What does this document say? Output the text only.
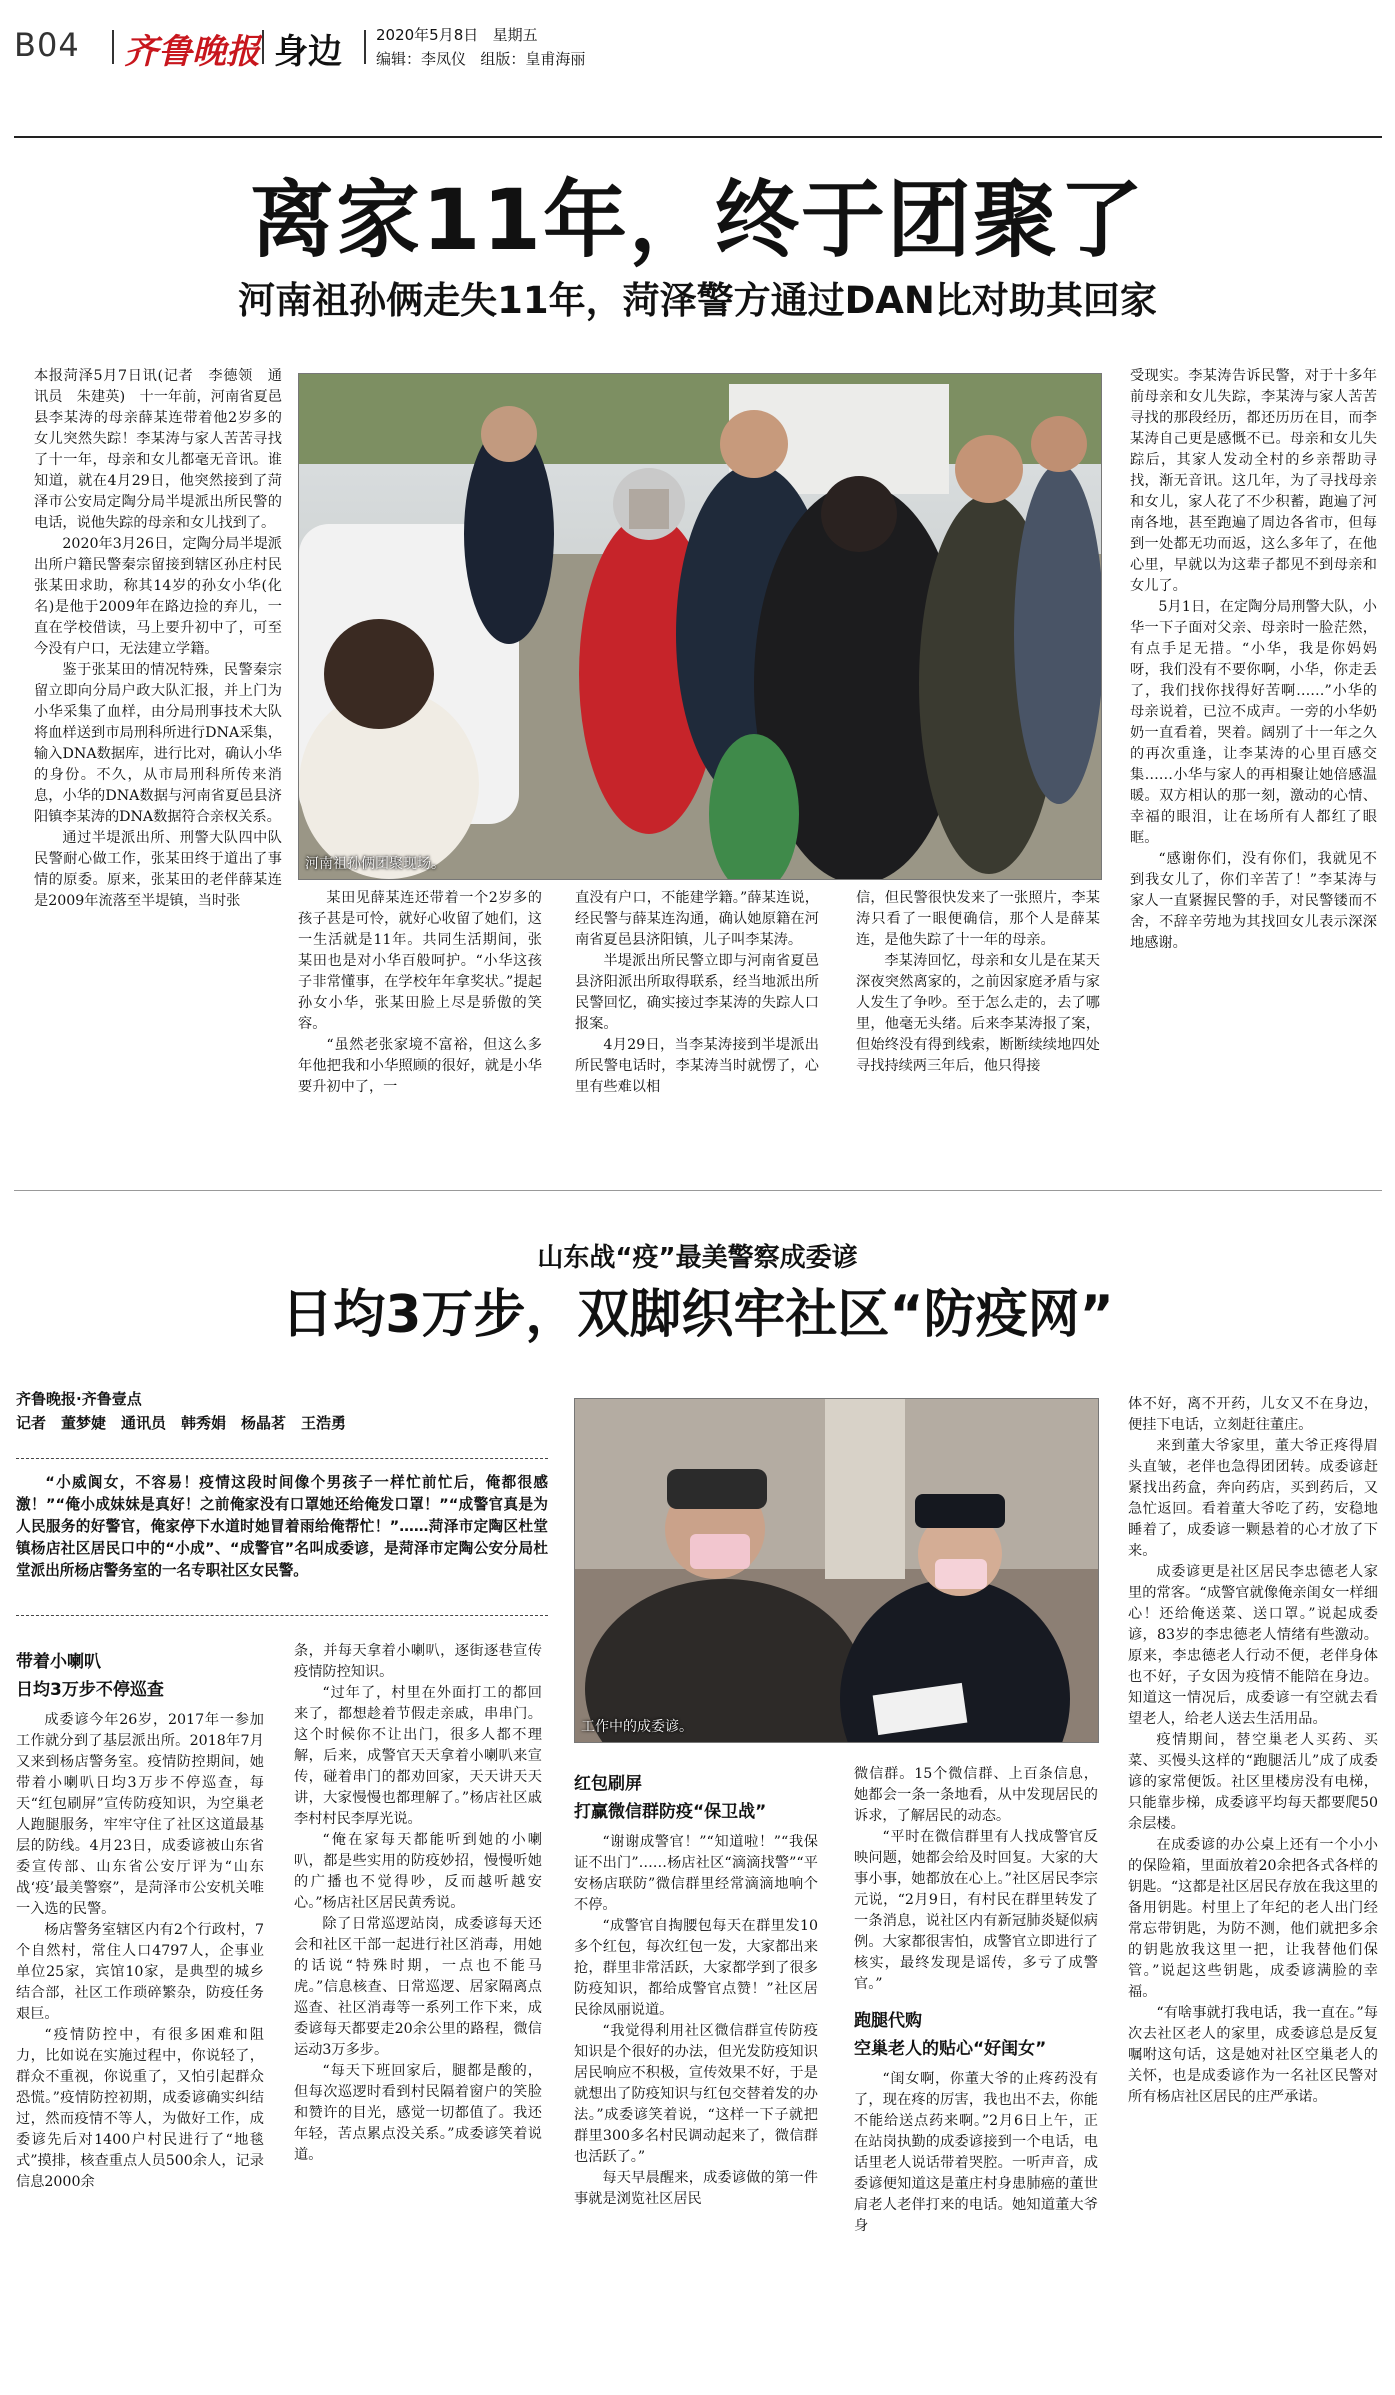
B04 齐鲁晚报 身边 2020年5月8日 星期五
编辑：李凤仪 组版：皇甫海丽
离家11年，终于团聚了
河南祖孙俩走失11年，菏泽警方通过DAN比对助其回家

本报菏泽5月7日讯(记者　李德领　通讯员　朱建英)　十一年前，河南省夏邑县李某涛的母亲薛某连带着他2岁多的女儿突然失踪！李某涛与家人苦苦寻找了十一年，母亲和女儿都毫无音讯。谁知道，就在4月29日，他突然接到了菏泽市公安局定陶分局半堤派出所民警的电话，说他失踪的母亲和女儿找到了。

2020年3月26日，定陶分局半堤派出所户籍民警秦宗留接到辖区孙庄村民张某田求助，称其14岁的孙女小华(化名)是他于2009年在路边捡的弃儿，一直在学校借读，马上要升初中了，可至今没有户口，无法建立学籍。

鉴于张某田的情况特殊，民警秦宗留立即向分局户政大队汇报，并上门为小华采集了血样，由分局刑事技术大队将血样送到市局刑科所进行DNA采集，输入DNA数据库，进行比对，确认小华的身份。不久，从市局刑科所传来消息，小华的DNA数据与河南省夏邑县济阳镇李某涛的DNA数据符合亲权关系。

通过半堤派出所、刑警大队四中队民警耐心做工作，张某田终于道出了事情的原委。原来，张某田的老伴薛某连是2009年流落至半堤镇，当时张

河南祖孙俩团聚现场。

某田见薛某连还带着一个2岁多的孩子甚是可怜，就好心收留了她们，这一生活就是11年。共同生活期间，张某田也是对小华百般呵护。“小华这孩子非常懂事，在学校年年拿奖状。”提起孙女小华，张某田脸上尽是骄傲的笑容。

“虽然老张家境不富裕，但这么多年他把我和小华照顾的很好，就是小华要升初中了，一

直没有户口，不能建学籍。”薛某连说，经民警与薛某连沟通，确认她原籍在河南省夏邑县济阳镇，儿子叫李某涛。

半堤派出所民警立即与河南省夏邑县济阳派出所取得联系，经当地派出所民警回忆，确实接过李某涛的失踪人口报案。

4月29日，当李某涛接到半堤派出所民警电话时，李某涛当时就愣了，心里有些难以相

信，但民警很快发来了一张照片，李某涛只看了一眼便确信，那个人是薛某连，是他失踪了十一年的母亲。

李某涛回忆，母亲和女儿是在某天深夜突然离家的，之前因家庭矛盾与家人发生了争吵。至于怎么走的，去了哪里，他毫无头绪。后来李某涛报了案，但始终没有得到线索，断断续续地四处寻找持续两三年后，他只得接

受现实。李某涛告诉民警，对于十多年前母亲和女儿失踪，李某涛与家人苦苦寻找的那段经历，都还历历在目，而李某涛自己更是感慨不已。母亲和女儿失踪后，其家人发动全村的乡亲帮助寻找，渐无音讯。这几年，为了寻找母亲和女儿，家人花了不少积蓄，跑遍了河南各地，甚至跑遍了周边各省市，但每到一处都无功而返，这么多年了，在他心里，早就以为这辈子都见不到母亲和女儿了。

5月1日，在定陶分局刑警大队，小华一下子面对父亲、母亲时一脸茫然，有点手足无措。“小华，我是你妈妈呀，我们没有不要你啊，小华，你走丢了，我们找你找得好苦啊……”小华的母亲说着，已泣不成声。一旁的小华奶奶一直看着，哭着。阔别了十一年之久的再次重逢，让李某涛的心里百感交集……小华与家人的再相聚让她倍感温暖。双方相认的那一刻，激动的心情、幸福的眼泪，让在场所有人都红了眼眶。

“感谢你们，没有你们，我就见不到我女儿了，你们辛苦了！”李某涛与家人一直紧握民警的手，对民警镂而不舍，不辞辛劳地为其找回女儿表示深深地感谢。

山东战“疫”最美警察成委谚
日均3万步，双脚织牢社区“防疫网”
齐鲁晚报·齐鲁壹点
记者　董梦婕　通讯员　韩秀娟　杨晶茗　王浩勇

“小威阆女，不容易！疫情这段时间像个男孩子一样忙前忙后，俺都很感激！”“俺小成妹妹是真好！之前俺家没有口罩她还给俺发口罩！”“成警官真是为人民服务的好警官，俺家停下水道时她冒着雨给俺帮忙！”……菏泽市定陶区杜堂镇杨店社区居民口中的“小成”、“成警官”名叫成委谚，是菏泽市定陶公安分局杜堂派出所杨店警务室的一名专职社区女民警。

工作中的成委谚。
带着小喇叭
日均3万步不停巡查

成委谚今年26岁，2017年一参加工作就分到了基层派出所。2018年7月又来到杨店警务室。疫情防控期间，她带着小喇叭日均3万步不停巡查，每天“红包刷屏”宣传防疫知识，为空巢老人跑腿服务，牢牢守住了社区这道最基层的防线。4月23日，成委谚被山东省委宣传部、山东省公安厅评为“山东战‘疫’最美警察”，是菏泽市公安机关唯一入选的民警。

杨店警务室辖区内有2个行政村，7个自然村，常住人口4797人，企事业单位25家，宾馆10家，是典型的城乡结合部，社区工作琐碎繁杂，防疫任务艰巨。

“疫情防控中，有很多困难和阻力，比如说在实施过程中，你说轻了，群众不重视，你说重了，又怕引起群众恐慌。”疫情防控初期，成委谚确实纠结过，然而疫情不等人，为做好工作，成委谚先后对1400户村民进行了“地毯式”摸排，核查重点人员500余人，记录信息2000余

条，并每天拿着小喇叭，逐街逐巷宣传疫情防控知识。

“过年了，村里在外面打工的都回来了，都想趁着节假走亲戚，串串门。这个时候你不让出门，很多人都不理解，后来，成警官天天拿着小喇叭来宣传，碰着串门的都劝回家，天天讲天天讲，大家慢慢也都理解了。”杨店社区戚李村村民李厚光说。

“俺在家每天都能听到她的小喇叭，都是些实用的防疫妙招，慢慢听她的广播也不觉得吵，反而越听越安心。”杨店社区居民黄秀说。

除了日常巡逻站岗，成委谚每天还会和社区干部一起进行社区消毒，用她的话说“特殊时期，一点也不能马虎。”信息核查、日常巡逻、居家隔离点巡查、社区消毒等一系列工作下来，成委谚每天都要走20余公里的路程，微信运动3万多步。

“每天下班回家后，腿都是酸的，但每次巡逻时看到村民隔着窗户的笑脸和赞许的目光，感觉一切都值了。我还年轻，苦点累点没关系。”成委谚笑着说道。

红包刷屏
打赢微信群防疫“保卫战”

“谢谢成警官！”“知道啦！”“我保证不出门”……杨店社区“滴滴找警”“平安杨店联防”微信群里经常滴滴地响个不停。

“成警官自掏腰包每天在群里发10多个红包，每次红包一发，大家都出来抢，群里非常活跃，大家都学到了很多防疫知识，都给成警官点赞！”社区居民徐凤丽说道。

“我觉得利用社区微信群宣传防疫知识是个很好的办法，但光发防疫知识居民响应不积极，宣传效果不好，于是就想出了防疫知识与红包交替着发的办法。”成委谚笑着说，“这样一下子就把群里300多名村民调动起来了，微信群也活跃了。”

每天早晨醒来，成委谚做的第一件事就是浏览社区居民

微信群。15个微信群、上百条信息，她都会一条一条地看，从中发现居民的诉求，了解居民的动态。

“平时在微信群里有人找成警官反映问题，她都会给及时回复。大家的大事小事，她都放在心上。”社区居民李宗元说，“2月9日，有村民在群里转发了一条消息，说社区内有新冠肺炎疑似病例。大家都很害怕，成警官立即进行了核实，最终发现是谣传，多亏了成警官。”

跑腿代购
空巢老人的贴心“好闺女”

“闺女啊，你董大爷的止疼药没有了，现在疼的厉害，我也出不去，你能不能给送点药来啊。”2月6日上午，正在站岗执勤的成委谚接到一个电话，电话里老人说话带着哭腔。一听声音，成委谚便知道这是董庄村身患肺癌的董世肩老人老伴打来的电话。她知道董大爷身

体不好，离不开药，儿女又不在身边，便挂下电话，立刻赶往董庄。

来到董大爷家里，董大爷正疼得眉头直皱，老伴也急得团团转。成委谚赶紧找出药盒，奔向药店，买到药后，又急忙返回。看着董大爷吃了药，安稳地睡着了，成委谚一颗悬着的心才放了下来。

成委谚更是社区居民李忠德老人家里的常客。“成警官就像俺亲闺女一样细心！还给俺送菜、送口罩。”说起成委谚，83岁的李忠德老人情绪有些激动。原来，李忠德老人行动不便，老伴身体也不好，子女因为疫情不能陪在身边。知道这一情况后，成委谚一有空就去看望老人，给老人送去生活用品。

疫情期间，替空巢老人买药、买菜、买慢头这样的“跑腿活儿”成了成委谚的家常便饭。社区里楼房没有电梯，只能靠步梯，成委谚平均每天都要爬50余层楼。

在成委谚的办公桌上还有一个小小的保险箱，里面放着20余把各式各样的钥匙。“这都是社区居民存放在我这里的备用钥匙。村里上了年纪的老人出门经常忘带钥匙，为防不测，他们就把多余的钥匙放我这里一把，让我替他们保管。”说起这些钥匙，成委谚满脸的幸福。

“有啥事就打我电话，我一直在。”每次去社区老人的家里，成委谚总是反复嘱咐这句话，这是她对社区空巢老人的关怀，也是成委谚作为一名社区民警对所有杨店社区居民的庄严承诺。
